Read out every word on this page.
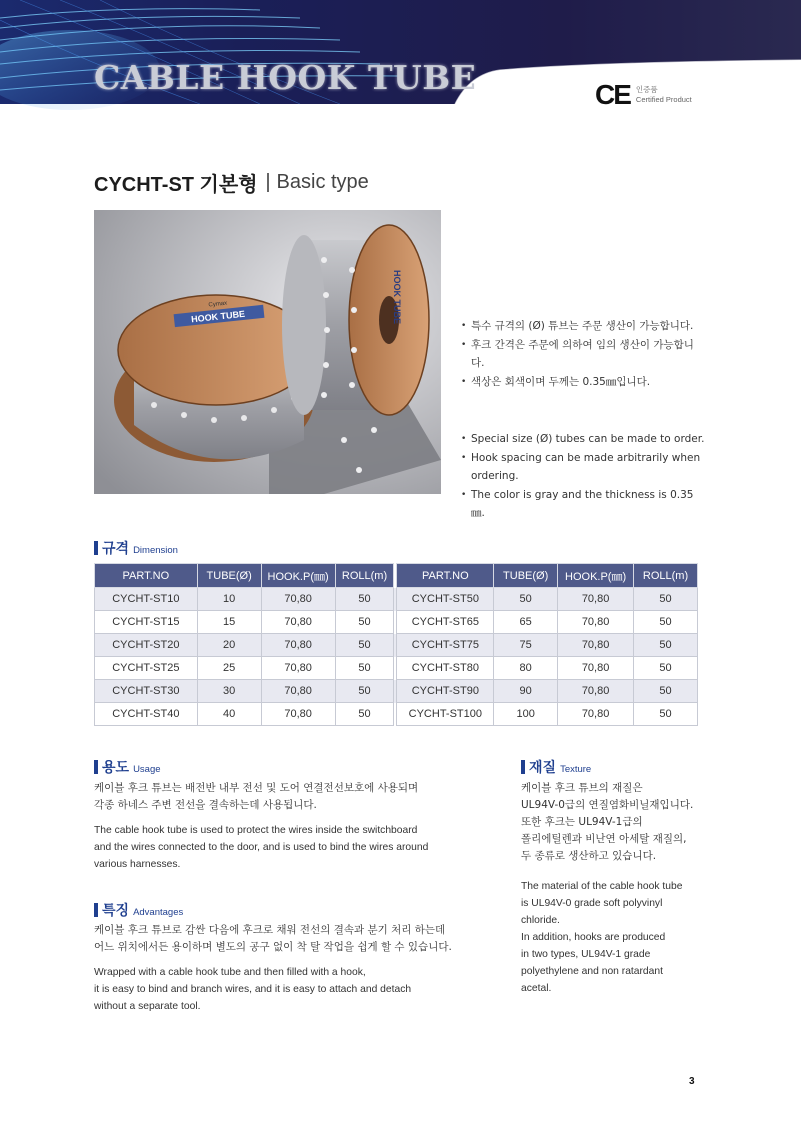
CABLE HOOK TUBE	CE 인증품
Certified Product
CYCHT-ST 기본형 Basic type
HOOK TUBE
Cymax	HOOK TUBE
• 특수 규격의 (Ø) 튜브는 주문 생산이 가능합니다.
• 후크 간격은 주문에 의하여 임의 생산이 가능합니다.
• 색상은 회색이며 두께는 0.35㎜입니다.
• Special size (Ø) tubes can be made to order.
• Hook spacing can be made arbitrarily when ordering.
• The color is gray and the thickness is 0.35㎜.
규격 Dimension
PART.NO	TUBE(Ø)	HOOK.P(㎜)	ROLL(m)		PART.NO	TUBE(Ø)	HOOK.P(㎜)	ROLL(m)
CYCHT-ST10	10	70,80	50		CYCHT-ST50	50	70,80	50
CYCHT-ST15	15	70,80	50		CYCHT-ST65	65	70,80	50
CYCHT-ST20	20	70,80	50		CYCHT-ST75	75	70,80	50
CYCHT-ST25	25	70,80	50		CYCHT-ST80	80	70,80	50
CYCHT-ST30	30	70,80	50		CYCHT-ST90	90	70,80	50
CYCHT-ST40	40	70,80	50		CYCHT-ST100	100	70,80	50
용도 Usage
케이블 후크 튜브는 배전반 내부 전선 및 도어 연결전선보호에 사용되며
각종 하네스 주변 전선을 결속하는데 사용됩니다.
The cable hook tube is used to protect the wires inside the switchboard
and the wires connected to the door, and is used to bind the wires around
various harnesses.
특징 Advantages
케이블 후크 튜브로 감싼 다음에 후크로 채워 전선의 결속과 분기 처리 하는데
어느 위치에서든 용이하며 별도의 공구 없이 착 탈 작업을 쉽게 할 수 있습니다.
Wrapped with a cable hook tube and then filled with a hook,
it is easy to bind and branch wires, and it is easy to attach and detach
without a separate tool.
재질 Texture
케이블 후크 튜브의 재질은
UL94V-0급의 연질염화비닐재입니다.
또한 후크는 UL94V-1급의
폴리에틸렌과 비난연 아세탈 재질의,
두 종류로 생산하고 있습니다.
The material of the cable hook tube
is UL94V-0 grade soft polyvinyl
chloride.
In addition, hooks are produced
in two types, UL94V-1 grade
polyethylene and non ratardant
acetal.
3
